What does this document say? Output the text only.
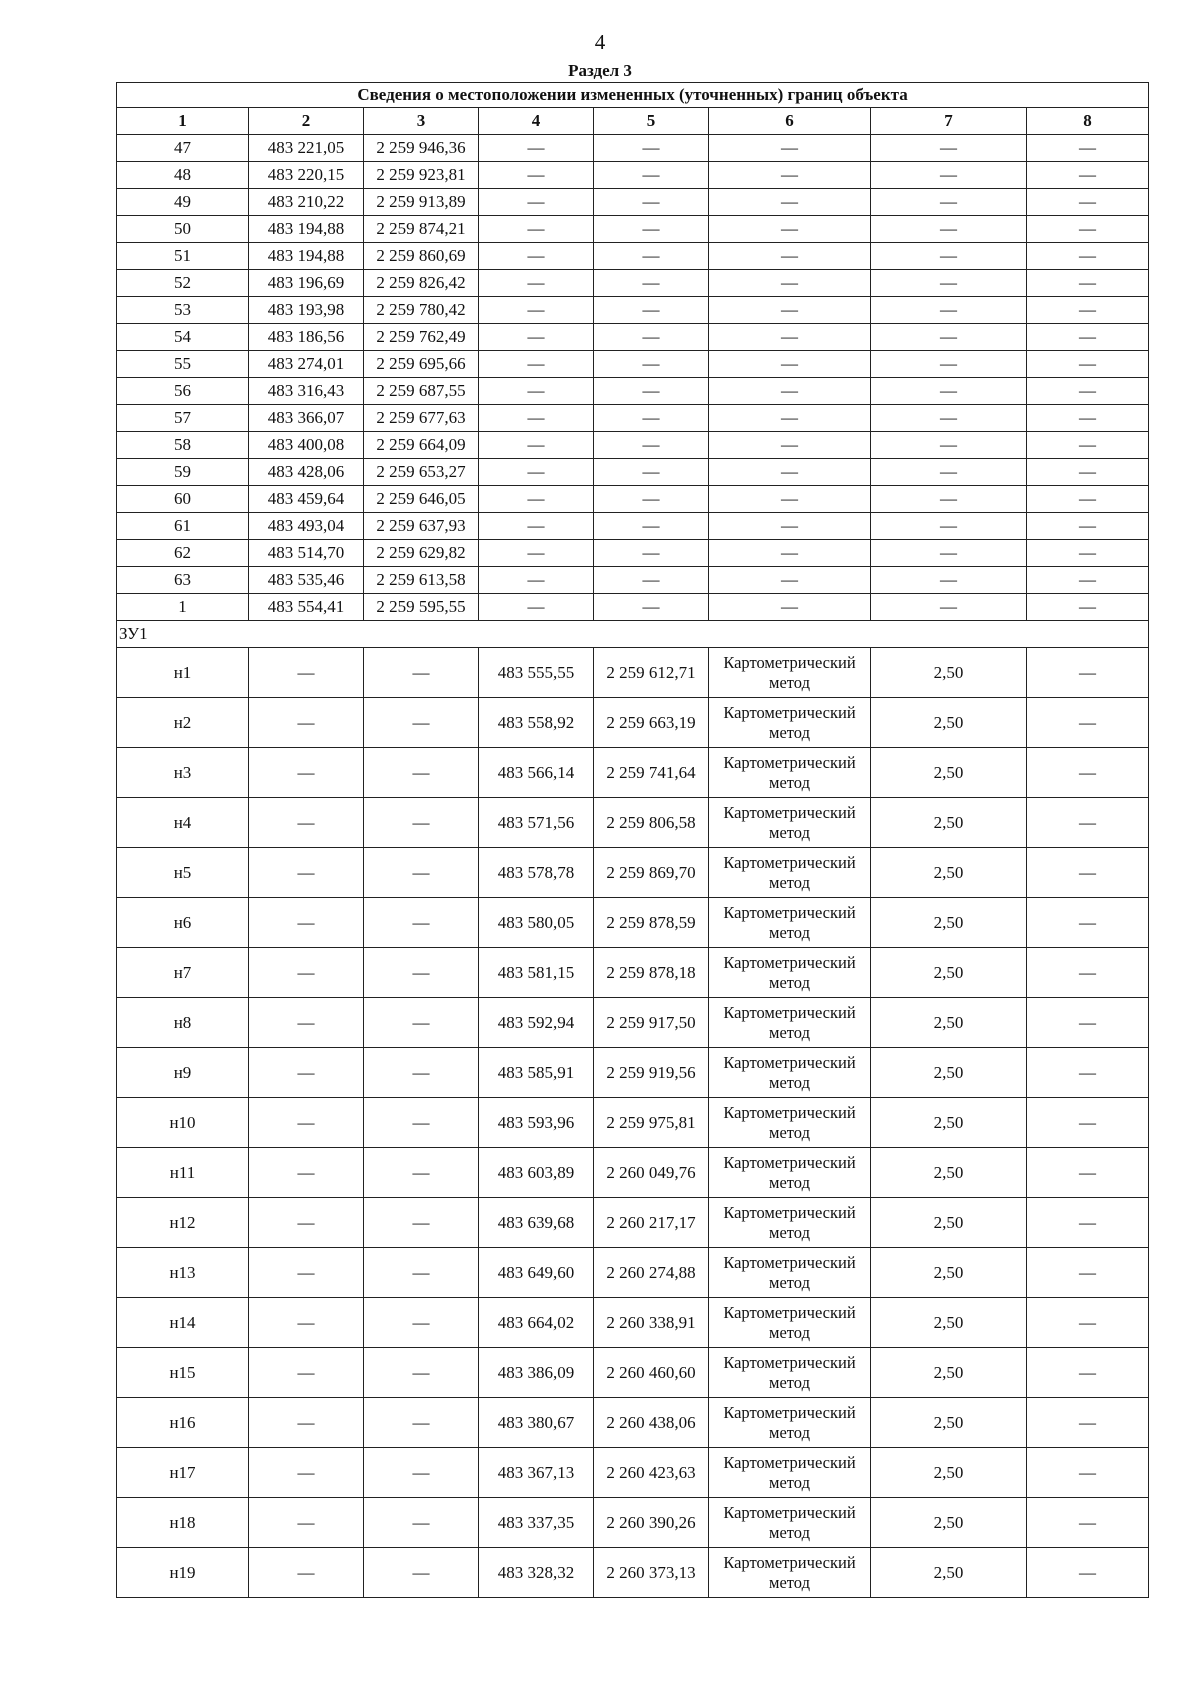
4
Раздел 3
Сведения о местоположении измененных (уточненных) границ объекта							
1	2	3	4	5	6	7	8
47	483 221,05	2 259 946,36	—	—	—	—	—
48	483 220,15	2 259 923,81	—	—	—	—	—
49	483 210,22	2 259 913,89	—	—	—	—	—
50	483 194,88	2 259 874,21	—	—	—	—	—
51	483 194,88	2 259 860,69	—	—	—	—	—
52	483 196,69	2 259 826,42	—	—	—	—	—
53	483 193,98	2 259 780,42	—	—	—	—	—
54	483 186,56	2 259 762,49	—	—	—	—	—
55	483 274,01	2 259 695,66	—	—	—	—	—
56	483 316,43	2 259 687,55	—	—	—	—	—
57	483 366,07	2 259 677,63	—	—	—	—	—
58	483 400,08	2 259 664,09	—	—	—	—	—
59	483 428,06	2 259 653,27	—	—	—	—	—
60	483 459,64	2 259 646,05	—	—	—	—	—
61	483 493,04	2 259 637,93	—	—	—	—	—
62	483 514,70	2 259 629,82	—	—	—	—	—
63	483 535,46	2 259 613,58	—	—	—	—	—
1	483 554,41	2 259 595,55	—	—	—	—	—
ЗУ1							
н1	—	—	483 555,55	2 259 612,71	Картометрический метод	2,50	—
н2	—	—	483 558,92	2 259 663,19	Картометрический метод	2,50	—
н3	—	—	483 566,14	2 259 741,64	Картометрический метод	2,50	—
н4	—	—	483 571,56	2 259 806,58	Картометрический метод	2,50	—
н5	—	—	483 578,78	2 259 869,70	Картометрический метод	2,50	—
н6	—	—	483 580,05	2 259 878,59	Картометрический метод	2,50	—
н7	—	—	483 581,15	2 259 878,18	Картометрический метод	2,50	—
н8	—	—	483 592,94	2 259 917,50	Картометрический метод	2,50	—
н9	—	—	483 585,91	2 259 919,56	Картометрический метод	2,50	—
н10	—	—	483 593,96	2 259 975,81	Картометрический метод	2,50	—
н11	—	—	483 603,89	2 260 049,76	Картометрический метод	2,50	—
н12	—	—	483 639,68	2 260 217,17	Картометрический метод	2,50	—
н13	—	—	483 649,60	2 260 274,88	Картометрический метод	2,50	—
н14	—	—	483 664,02	2 260 338,91	Картометрический метод	2,50	—
н15	—	—	483 386,09	2 260 460,60	Картометрический метод	2,50	—
н16	—	—	483 380,67	2 260 438,06	Картометрический метод	2,50	—
н17	—	—	483 367,13	2 260 423,63	Картометрический метод	2,50	—
н18	—	—	483 337,35	2 260 390,26	Картометрический метод	2,50	—
н19	—	—	483 328,32	2 260 373,13	Картометрический метод	2,50	—
